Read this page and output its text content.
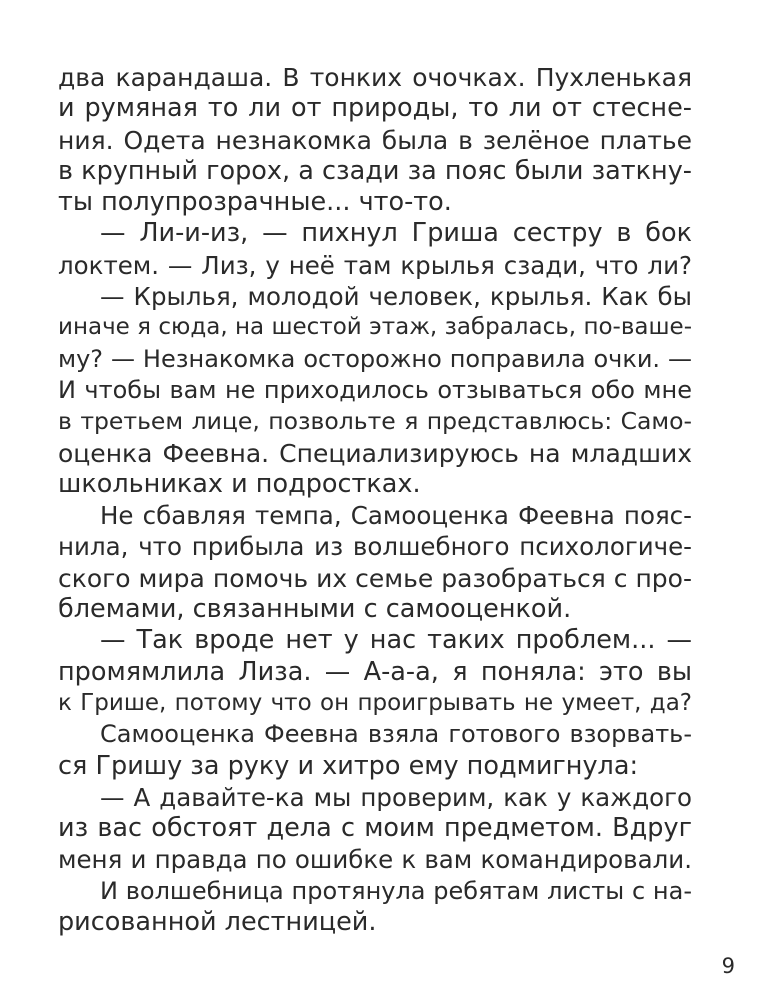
два карандаша. В тонких очочках. Пухленькая
и румяная то ли от природы, то ли от стесне-
ния. Одета незнакомка была в зелёное платье
в крупный горох, а сзади за пояс были заткну-
ты полупрозрачные... что-то.
— Ли-и-из, — пихнул Гриша сестру в бок
локтем. — Лиз, у неё там крылья сзади, что ли?
— Крылья, молодой человек, крылья. Как бы
иначе я сюда, на шестой этаж, забралась, по-ваше-
му? — Незнакомка осторожно поправила очки. —
И чтобы вам не приходилось отзываться обо мне
в третьем лице, позвольте я представлюсь: Само-
оценка Феевна. Специализируюсь на младших
школьниках и подростках.
Не сбавляя темпа, Самооценка Феевна пояс-
нила, что прибыла из волшебного психологиче-
ского мира помочь их семье разобраться с про-
блемами, связанными с самооценкой.
— Так вроде нет у нас таких проблем... —
промямлила Лиза. — А-а-а, я поняла: это вы
к Грише, потому что он проигрывать не умеет, да?
Самооценка Феевна взяла готового взорвать-
ся Гришу за руку и хитро ему подмигнула:
— А давайте-ка мы проверим, как у каждого
из вас обстоят дела с моим предметом. Вдруг
меня и правда по ошибке к вам командировали.
И волшебница протянула ребятам листы с на-
рисованной лестницей.
9
